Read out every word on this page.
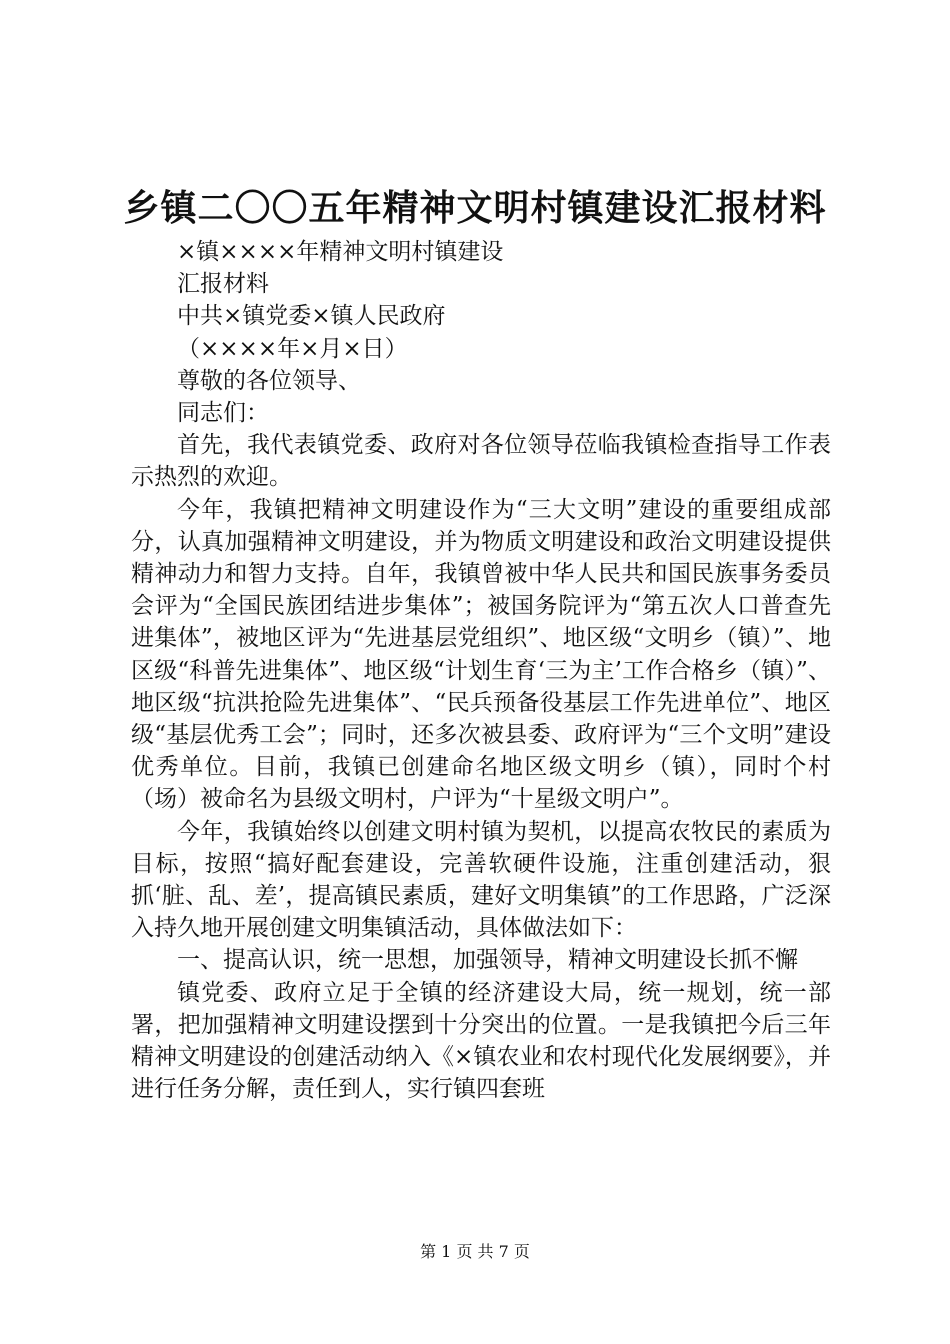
乡镇二〇〇五年精神文明村镇建设汇报材料

×镇××××年精神文明村镇建设

汇报材料

中共×镇党委×镇人民政府

（××××年×月×日）

尊敬的各位领导、

同志们：

首先，我代表镇党委、政府对各位领导莅临我镇检查指导工作表示热烈的欢迎。

今年，我镇把精神文明建设作为“三大文明”建设的重要组成部分，认真加强精神文明建设，并为物质文明建设和政治文明建设提供精神动力和智力支持。自年，我镇曾被中华人民共和国民族事务委员会评为“全国民族团结进步集体”；被国务院评为“第五次人口普查先进集体”，被地区评为“先进基层党组织”、地区级“文明乡（镇）”、地区级“科普先进集体”、地区级“计划生育‘三为主’工作合格乡（镇）”、地区级“抗洪抢险先进集体”、“民兵预备役基层工作先进单位”、地区级“基层优秀工会”；同时，还多次被县委、政府评为“三个文明”建设优秀单位。目前，我镇已创建命名地区级文明乡（镇），同时个村（场）被命名为县级文明村，户评为“十星级文明户”。

今年，我镇始终以创建文明村镇为契机，以提高农牧民的素质为目标，按照“搞好配套建设，完善软硬件设施，注重创建活动，狠抓‘脏、乱、差’，提高镇民素质，建好文明集镇”的工作思路，广泛深入持久地开展创建文明集镇活动，具体做法如下：

一、提高认识，统一思想，加强领导，精神文明建设长抓不懈

镇党委、政府立足于全镇的经济建设大局，统一规划，统一部署，把加强精神文明建设摆到十分突出的位置。一是我镇把今后三年精神文明建设的创建活动纳入《×镇农业和农村现代化发展纲要》，并进行任务分解，责任到人，实行镇四套班

第 1 页 共 7 页
